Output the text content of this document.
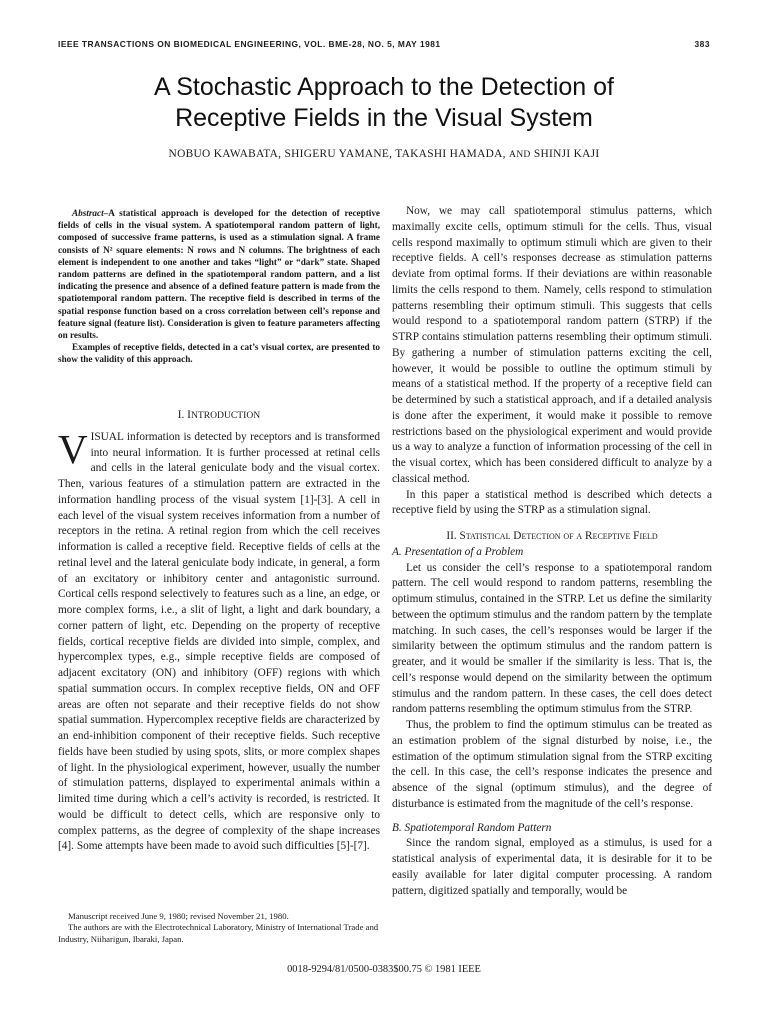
IEEE TRANSACTIONS ON BIOMEDICAL ENGINEERING, VOL. BME-28, NO. 5, MAY 1981	383
A Stochastic Approach to the Detection of
Receptive Fields in the Visual System
NOBUO KAWABATA, SHIGERU YAMANE, TAKASHI HAMADA, AND SHINJI KAJI

Abstract–A statistical approach is developed for the detection of receptive fields of cells in the visual system. A spatiotemporal random pattern of light, composed of successive frame patterns, is used as a stimulation signal. A frame consists of N² square elements: N rows and N columns. The brightness of each element is independent to one another and takes “light” or “dark” state. Shaped random patterns are defined in the spatiotemporal random pattern, and a list indicating the presence and absence of a defined feature pattern is made from the spatiotemporal random pattern. The receptive field is described in terms of the spatial response function based on a cross correlation between cell’s reponse and feature signal (feature list). Consideration is given to feature parameters affecting on results.

Examples of receptive fields, detected in a cat’s visual cortex, are presented to show the validity of this approach.

I. INTRODUCTION

VISUAL information is detected by receptors and is transformed into neural information. It is further processed at retinal cells and cells in the lateral geniculate body and the visual cortex. Then, various features of a stimulation pattern are extracted in the information handling process of the visual system [1]-[3]. A cell in each level of the visual system receives information from a number of receptors in the retina. A retinal region from which the cell receives information is called a receptive field. Receptive fields of cells at the retinal level and the lateral geniculate body indicate, in general, a form of an excitatory or inhibitory center and antagonistic surround. Cortical cells respond selectively to features such as a line, an edge, or more complex forms, i.e., a slit of light, a light and dark boundary, a corner pattern of light, etc. Depending on the property of receptive fields, cortical receptive fields are divided into simple, complex, and hypercomplex types, e.g., simple receptive fields are composed of adjacent excitatory (ON) and inhibitory (OFF) regions with which spatial summation occurs. In complex receptive fields, ON and OFF areas are often not separate and their receptive fields do not show spatial summation. Hypercomplex receptive fields are characterized by an end-inhibition component of their receptive fields. Such receptive fields have been studied by using spots, slits, or more complex shapes of light. In the physiological experiment, however, usually the number of stimulation patterns, displayed to experimental animals within a limited time during which a cell’s activity is recorded, is restricted. It would be difficult to detect cells, which are responsive only to complex patterns, as the degree of complexity of the shape increases [4]. Some attempts have been made to avoid such difficulties [5]-[7].

Manuscript received June 9, 1980; revised November 21, 1980.

The authors are with the Electrotechnical Laboratory, Ministry of International Trade and Industry, Niiharigun, Ibaraki, Japan.

Now, we may call spatiotemporal stimulus patterns, which maximally excite cells, optimum stimuli for the cells. Thus, visual cells respond maximally to optimum stimuli which are given to their receptive fields. A cell’s responses decrease as stimulation patterns deviate from optimal forms. If their deviations are within reasonable limits the cells respond to them. Namely, cells respond to stimulation patterns resembling their optimum stimuli. This suggests that cells would respond to a spatiotemporal random pattern (STRP) if the STRP contains stimulation patterns resembling their optimum stimuli. By gathering a number of stimulation patterns exciting the cell, however, it would be possible to outline the optimum stimuli by means of a statistical method. If the property of a receptive field can be determined by such a statistical approach, and if a detailed analysis is done after the experiment, it would make it possible to remove restrictions based on the physiological experiment and would provide us a way to analyze a function of information processing of the cell in the visual cortex, which has been considered difficult to analyze by a classical method.

In this paper a statistical method is described which detects a receptive field by using the STRP as a stimulation signal.

II. Statistical Detection of a Receptive Field

A. Presentation of a Problem

Let us consider the cell’s response to a spatiotemporal random pattern. The cell would respond to random patterns, resembling the optimum stimulus, contained in the STRP. Let us define the similarity between the optimum stimulus and the random pattern by the template matching. In such cases, the cell’s responses would be larger if the similarity between the optimum stimulus and the random pattern is greater, and it would be smaller if the similarity is less. That is, the cell’s response would depend on the similarity between the optimum stimulus and the random pattern. In these cases, the cell does detect random patterns resembling the optimum stimulus from the STRP.

Thus, the problem to find the optimum stimulus can be treated as an estimation problem of the signal disturbed by noise, i.e., the estimation of the optimum stimulation signal from the STRP exciting the cell. In this case, the cell’s response indicates the presence and absence of the signal (optimum stimulus), and the degree of disturbance is estimated from the magnitude of the cell’s response.

B. Spatiotemporal Random Pattern

Since the random signal, employed as a stimulus, is used for a statistical analysis of experimental data, it is desirable for it to be easily available for later digital computer processing. A random pattern, digitized spatially and temporally, would be

0018-9294/81/0500-0383$00.75 © 1981 IEEE
